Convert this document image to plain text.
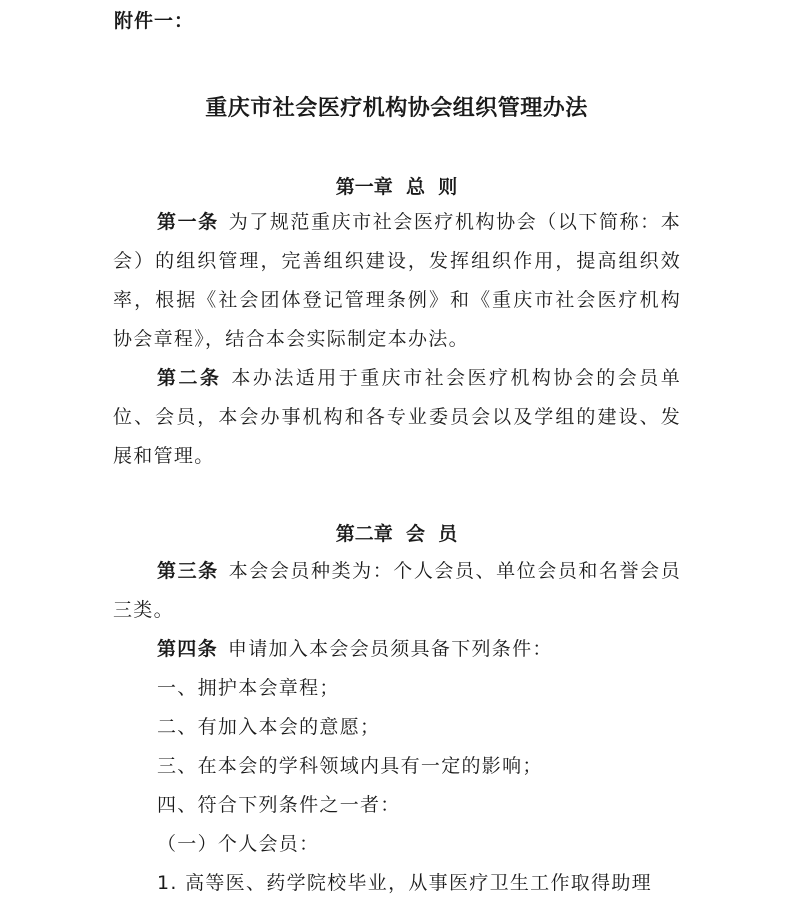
附件一：
重庆市社会医疗机构协会组织管理办法
第一章  总  则
第一条 为了规范重庆市社会医疗机构协会（以下简称：本会）的组织管理，完善组织建设，发挥组织作用，提高组织效率，根据《社会团体登记管理条例》和《重庆市社会医疗机构协会章程》，结合本会实际制定本办法。
第二条 本办法适用于重庆市社会医疗机构协会的会员单位、会员，本会办事机构和各专业委员会以及学组的建设、发展和管理。
第二章  会  员
第三条 本会会员种类为：个人会员、单位会员和名誉会员三类。
第四条 申请加入本会会员须具备下列条件：
一、拥护本会章程；
二、有加入本会的意愿；
三、在本会的学科领域内具有一定的影响；
四、符合下列条件之一者：
（一）个人会员：
1. 高等医、药学院校毕业，从事医疗卫生工作取得助理
